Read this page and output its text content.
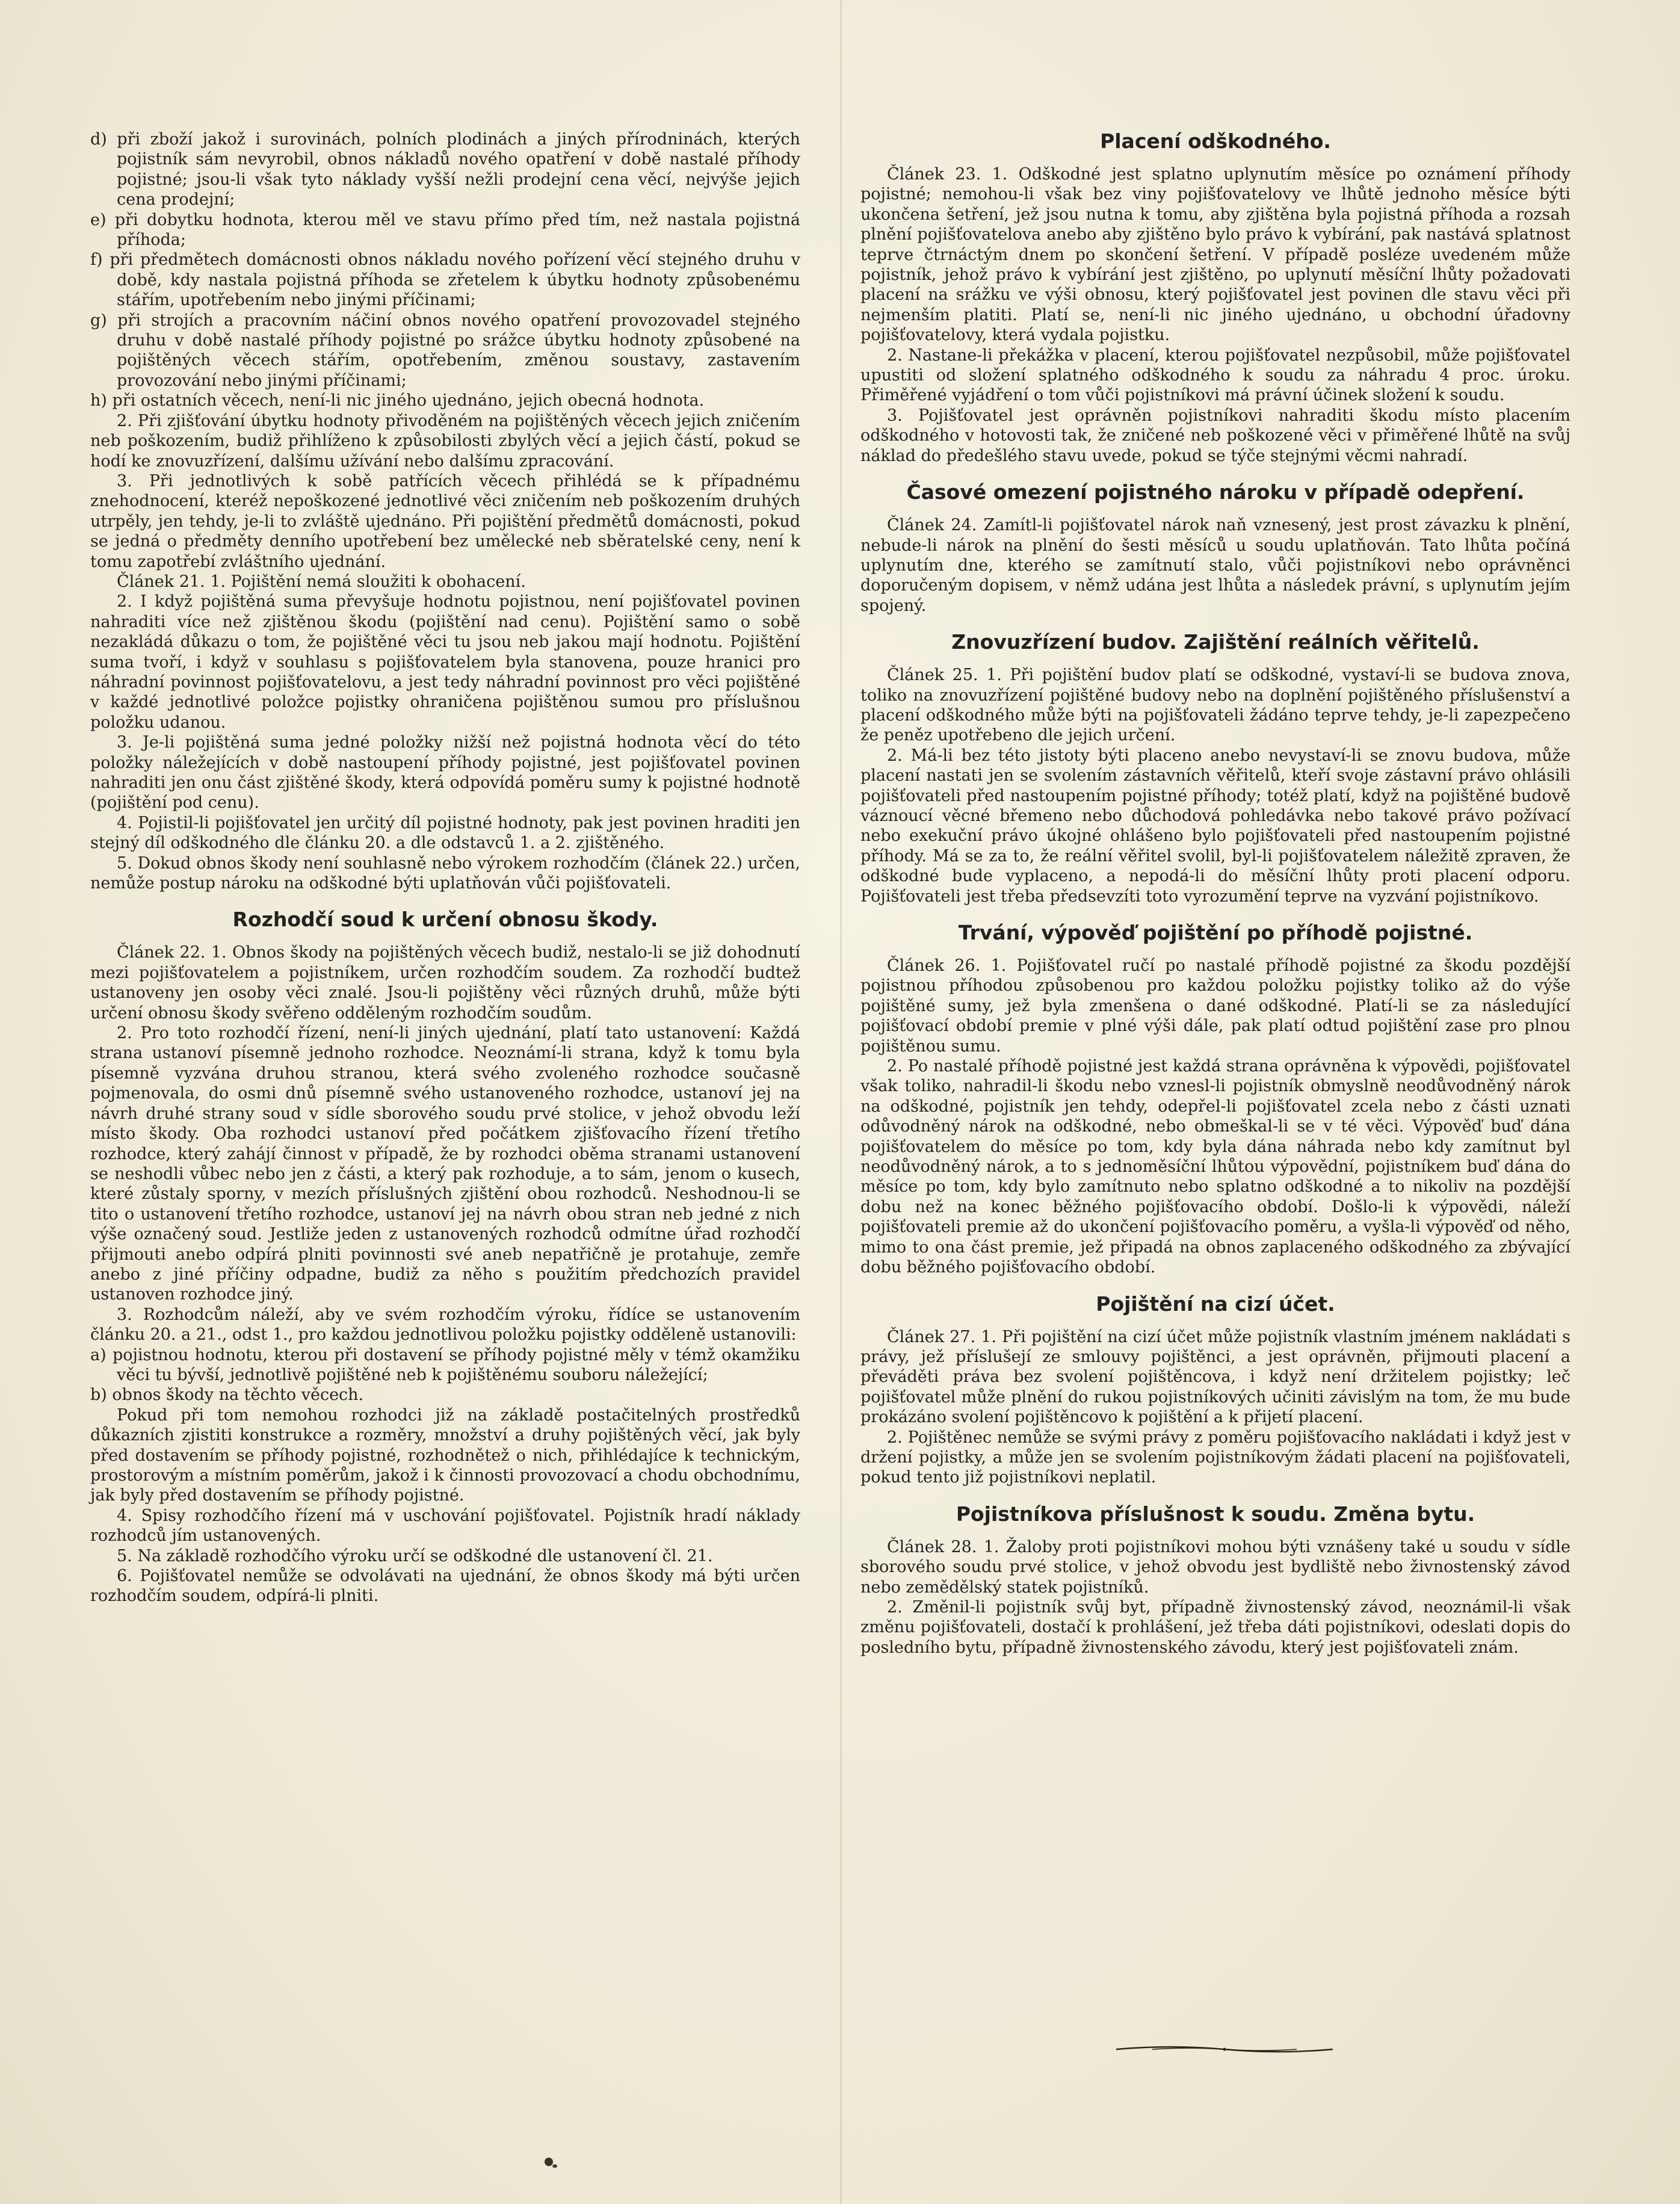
d) při zboží jakož i surovinách, polních plodinách a jiných přírodninách, kterých pojistník sám nevyrobil, obnos nákladů nového opatření v době nastalé příhody pojistné; jsou-li však tyto náklady vyšší nežli prodejní cena věcí, nejvýše jejich cena prodejní;

e) při dobytku hodnota, kterou měl ve stavu přímo před tím, než nastala pojistná příhoda;

f) při předmětech domácnosti obnos nákladu nového pořízení věcí stejného druhu v době, kdy nastala pojistná příhoda se zřetelem k úbytku hodnoty způsobenému stářím, upotřebením nebo jinými příčinami;

g) při strojích a pracovním náčiní obnos nového opatření provozovadel stejného druhu v době nastalé příhody pojistné po srážce úbytku hodnoty způsobené na pojištěných věcech stářím, opotřebením, změnou soustavy, zastavením provozování nebo jinými příčinami;

h) při ostatních věcech, není-li nic jiného ujednáno, jejich obecná hodnota.

2. Při zjišťování úbytku hodnoty přivoděném na pojištěných věcech jejich zničením neb poškozením, budiž přihlíženo k způsobilosti zbylých věcí a jejich částí, pokud se hodí ke znovuzřízení, dalšímu užívání nebo dalšímu zpracování.

3. Při jednotlivých k sobě patřících věcech přihlédá se k případnému znehodnocení, kteréž nepoškozené jednotlivé věci zničením neb poškozením druhých utrpěly, jen tehdy, je-li to zvláště ujednáno. Při pojištění předmětů domácnosti, pokud se jedná o předměty denního upotřebení bez umělecké neb sběratelské ceny, není k tomu zapotřebí zvláštního ujednání.

Článek 21. 1. Pojištění nemá sloužiti k obohacení.

2. I když pojištěná suma převyšuje hodnotu pojistnou, není pojišťovatel povinen nahraditi více než zjištěnou škodu (pojištění nad cenu). Pojištění samo o sobě nezakládá důkazu o tom, že pojištěné věci tu jsou neb jakou mají hodnotu. Pojištění suma tvoří, i když v souhlasu s pojišťovatelem byla stanovena, pouze hranici pro náhradní povinnost pojišťovatelovu, a jest tedy náhradní povinnost pro věci pojištěné v každé jednotlivé položce pojistky ohraničena pojištěnou sumou pro příslušnou položku udanou.

3. Je-li pojištěná suma jedné položky nižší než pojistná hodnota věcí do této položky náležejících v době nastoupení příhody pojistné, jest pojišťovatel povinen nahraditi jen onu část zjištěné škody, která odpovídá poměru sumy k pojistné hodnotě (pojištění pod cenu).

4. Pojistil-li pojišťovatel jen určitý díl pojistné hodnoty, pak jest povinen hraditi jen stejný díl odškodného dle článku 20. a dle odstavců 1. a 2. zjištěného.

5. Dokud obnos škody není souhlasně nebo výrokem rozhodčím (článek 22.) určen, nemůže postup nároku na odškodné býti uplatňován vůči pojišťovateli.

Rozhodčí soud k určení obnosu škody.

Článek 22. 1. Obnos škody na pojištěných věcech budiž, nestalo-li se již dohodnutí mezi pojišťovatelem a pojistníkem, určen rozhodčím soudem. Za rozhodčí budtež ustanoveny jen osoby věci znalé. Jsou-li pojištěny věci různých druhů, může býti určení obnosu škody svěřeno odděleným rozhodčím soudům.

2. Pro toto rozhodčí řízení, není-li jiných ujednání, platí tato ustanovení: Každá strana ustanoví písemně jednoho rozhodce. Neoznámí-li strana, když k tomu byla písemně vyzvána druhou stranou, která svého zvoleného rozhodce současně pojmenovala, do osmi dnů písemně svého ustanoveného rozhodce, ustanoví jej na návrh druhé strany soud v sídle sborového soudu prvé stolice, v jehož obvodu leží místo škody. Oba rozhodci ustanoví před počátkem zjišťovacího řízení třetího rozhodce, který zahájí činnost v případě, že by rozhodci oběma stranami ustanovení se neshodli vůbec nebo jen z části, a který pak rozhoduje, a to sám, jenom o kusech, které zůstaly sporny, v mezích příslušných zjištění obou rozhodců. Neshodnou-li se tito o ustanovení třetího rozhodce, ustanoví jej na návrh obou stran neb jedné z nich výše označený soud. Jestliže jeden z ustanovených rozhodců odmítne úřad rozhodčí přijmouti anebo odpírá plniti povinnosti své aneb nepatřičně je protahuje, zemře anebo z jiné příčiny odpadne, budiž za něho s použitím předchozích pravidel ustanoven rozhodce jiný.

3. Rozhodcům náleží, aby ve svém rozhodčím výroku, řídíce se ustanovením článku 20. a 21., odst 1., pro každou jednotlivou položku pojistky odděleně ustanovili:

a) pojistnou hodnotu, kterou při dostavení se příhody pojistné měly v témž okamžiku věci tu bývší, jednotlivě pojištěné neb k pojištěnému souboru náležející;

b) obnos škody na těchto věcech.

Pokud při tom nemohou rozhodci již na základě postačitelných prostředků důkazních zjistiti konstrukce a rozměry, množství a druhy pojištěných věcí, jak byly před dostavením se příhody pojistné, rozhodnětež o nich, přihlédajíce k technickým, prostorovým a místním poměrům, jakož i k činnosti provozovací a chodu obchodnímu, jak byly před dostavením se příhody pojistné.

4. Spisy rozhodčího řízení má v uschování pojišťovatel. Pojistník hradí náklady rozhodců jím ustanovených.

5. Na základě rozhodčího výroku určí se odškodné dle ustanovení čl. 21.

6. Pojišťovatel nemůže se odvolávati na ujednání, že obnos škody má býti určen rozhodčím soudem, odpírá-li plniti.

Placení odškodného.

Článek 23. 1. Odškodné jest splatno uplynutím měsíce po oznámení příhody pojistné; nemohou-li však bez viny pojišťovatelovy ve lhůtě jednoho měsíce býti ukončena šetření, jež jsou nutna k tomu, aby zjištěna byla pojistná příhoda a rozsah plnění pojišťovatelova anebo aby zjištěno bylo právo k vybírání, pak nastává splatnost teprve čtrnáctým dnem po skončení šetření. V případě posléze uvedeném může pojistník, jehož právo k vybírání jest zjištěno, po uplynutí měsíční lhůty požadovati placení na srážku ve výši obnosu, který pojišťovatel jest povinen dle stavu věci při nejmenším platiti. Platí se, není-li nic jiného ujednáno, u obchodní úřadovny pojišťovatelovy, která vydala pojistku.

2. Nastane-li překážka v placení, kterou pojišťovatel nezpůsobil, může pojišťovatel upustiti od složení splatného odškodného k soudu za náhradu 4 proc. úroku. Přiměřené vyjádření o tom vůči pojistníkovi má právní účinek složení k soudu.

3. Pojišťovatel jest oprávněn pojistníkovi nahraditi škodu místo placením odškodného v hotovosti tak, že zničené neb poškozené věci v přiměřené lhůtě na svůj náklad do předešlého stavu uvede, pokud se týče stejnými věcmi nahradí.

Časové omezení pojistného nároku v případě odepření.

Článek 24. Zamítl-li pojišťovatel nárok naň vznesený, jest prost závazku k plnění, nebude-li nárok na plnění do šesti měsíců u soudu uplatňován. Tato lhůta počíná uplynutím dne, kterého se zamítnutí stalo, vůči pojistníkovi nebo oprávněnci doporučeným dopisem, v němž udána jest lhůta a následek právní, s uplynutím jejím spojený.

Znovuzřízení budov. Zajištění reálních věřitelů.

Článek 25. 1. Při pojištění budov platí se odškodné, vystaví-li se budova znova, toliko na znovuzřízení pojištěné budovy nebo na doplnění pojištěného příslušenství a placení odškodného může býti na pojišťovateli žádáno teprve tehdy, je-li zapezpečeno že peněz upotřebeno dle jejich určení.

2. Má-li bez této jistoty býti placeno anebo nevystaví-li se znovu budova, může placení nastati jen se svolením zástavních věřitelů, kteří svoje zástavní právo ohlásili pojišťovateli před nastoupením pojistné příhody; totéž platí, když na pojištěné budově váznoucí věcné břemeno nebo důchodová pohledávka nebo takové právo požívací nebo exekuční právo úkojné ohlášeno bylo pojišťovateli před nastoupením pojistné příhody. Má se za to, že reální věřitel svolil, byl-li pojišťovatelem náležitě zpraven, že odškodné bude vyplaceno, a nepodá-li do měsíční lhůty proti placení odporu. Pojišťovateli jest třeba předsevzíti toto vyrozumění teprve na vyzvání pojistníkovo.

Trvání, výpověď pojištění po příhodě pojistné.

Článek 26. 1. Pojišťovatel ručí po nastalé příhodě pojistné za škodu pozdější pojistnou příhodou způsobenou pro každou položku pojistky toliko až do výše pojištěné sumy, jež byla zmenšena o dané odškodné. Platí-li se za následující pojišťovací období premie v plné výši dále, pak platí odtud pojištění zase pro plnou pojištěnou sumu.

2. Po nastalé příhodě pojistné jest každá strana oprávněna k výpovědi, pojišťovatel však toliko, nahradil-li škodu nebo vznesl-li pojistník obmyslně neodůvodněný nárok na odškodné, pojistník jen tehdy, odepřel-li pojišťovatel zcela nebo z části uznati odůvodněný nárok na odškodné, nebo obmeškal-li se v té věci. Výpověď buď dána pojišťovatelem do měsíce po tom, kdy byla dána náhrada nebo kdy zamítnut byl neodůvodněný nárok, a to s jednoměsíční lhůtou výpovědní, pojistníkem buď dána do měsíce po tom, kdy bylo zamítnuto nebo splatno odškodné a to nikoliv na pozdější dobu než na konec běžného pojišťovacího období. Došlo-li k výpovědi, náleží pojišťovateli premie až do ukončení pojišťovacího poměru, a vyšla-li výpověď od něho, mimo to ona část premie, jež připadá na obnos zaplaceného odškodného za zbývající dobu běžného pojišťovacího období.

Pojištění na cizí účet.

Článek 27. 1. Při pojištění na cizí účet může pojistník vlastním jménem nakládati s právy, jež příslušejí ze smlouvy pojištěnci, a jest oprávněn, přijmouti placení a převáděti práva bez svolení pojištěncova, i když není držitelem pojistky; leč pojišťovatel může plnění do rukou pojistníkových učiniti závislým na tom, že mu bude prokázáno svolení pojištěncovo k pojištění a k přijetí placení.

2. Pojištěnec nemůže se svými právy z poměru pojišťovacího nakládati i když jest v držení pojistky, a může jen se svolením pojistníkovým žádati placení na pojišťovateli, pokud tento již pojistníkovi neplatil.

Pojistníkova příslušnost k soudu. Změna bytu.

Článek 28. 1. Žaloby proti pojistníkovi mohou býti vznášeny také u soudu v sídle sborového soudu prvé stolice, v jehož obvodu jest bydliště nebo živnostenský závod nebo zemědělský statek pojistníků.

2. Změnil-li pojistník svůj byt, případně živnostenský závod, neoznámil-li však změnu pojišťovateli, dostačí k prohlášení, jež třeba dáti pojistníkovi, odeslati dopis do posledního bytu, případně živnostenského závodu, který jest pojišťovateli znám.
